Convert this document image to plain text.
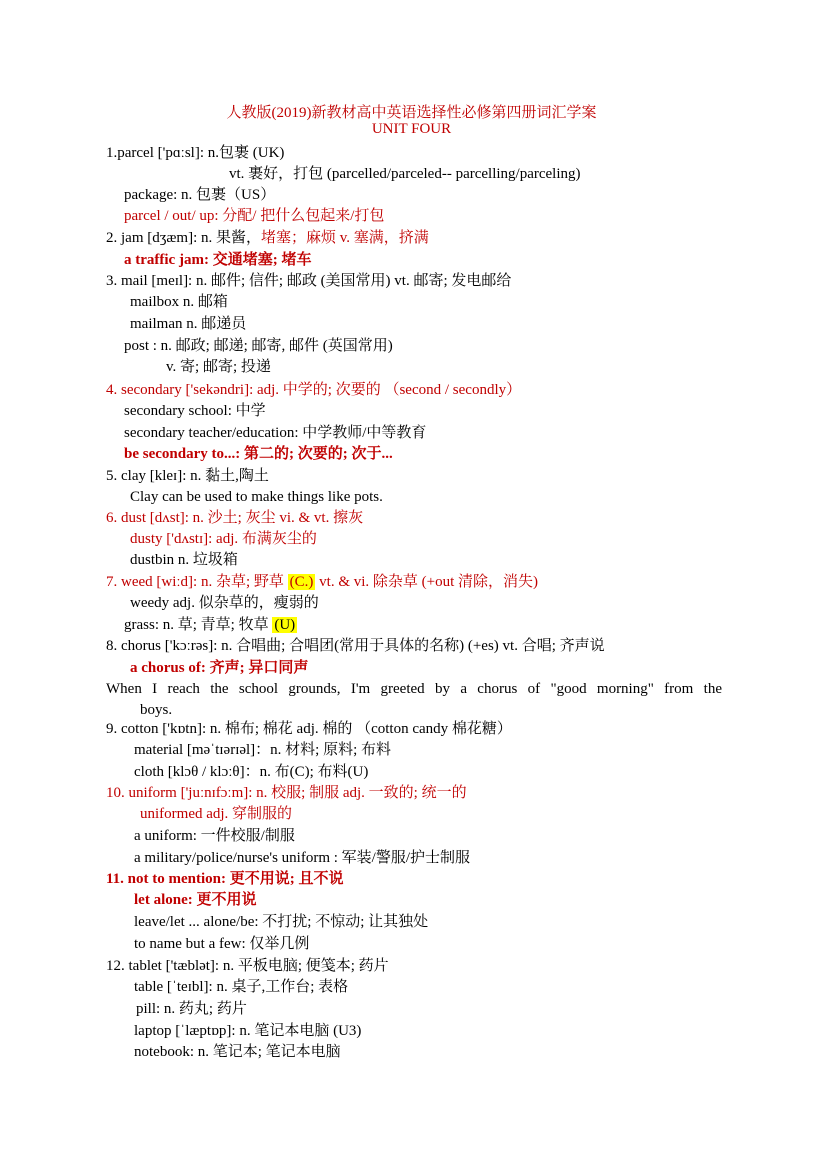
人教版(2019)新教材高中英语选择性必修第四册词汇学案
UNIT FOUR
1.parcel ['pɑːsl]: n.包裹 (UK)
vt. 裹好，打包 (parcelled/parceled-- parcelling/parceling)
package: n. 包裹（US）
parcel / out/ up: 分配/ 把什么包起来/打包
2. jam [dʒæm]: n. 果酱，堵塞；麻烦 v. 塞满，挤满
a traffic jam: 交通堵塞; 堵车
3. mail [meɪl]: n. 邮件; 信件; 邮政 (美国常用) vt. 邮寄; 发电邮给
mailbox n. 邮箱
mailman n. 邮递员
post : n. 邮政; 邮递; 邮寄, 邮件 (英国常用)
v. 寄; 邮寄; 投递
4. secondary ['sekəndri]: adj. 中学的; 次要的 （second / secondly）
secondary school: 中学
secondary teacher/education: 中学教师/中等教育
be secondary to...: 第二的; 次要的; 次于...
5. clay [kleɪ]: n. 黏土,陶土
Clay can be used to make things like pots.
6. dust [dʌst]: n. 沙土; 灰尘 vi. & vt. 擦灰
dusty ['dʌstɪ]: adj. 布满灰尘的
dustbin n. 垃圾箱
7. weed [wiːd]: n. 杂草; 野草 (C.) vt. & vi. 除杂草 (+out 清除，消失)
weedy adj. 似杂草的，瘦弱的
grass: n. 草; 青草; 牧草 (U)
8. chorus ['kɔːrəs]: n. 合唱曲; 合唱团(常用于具体的名称) (+es) vt. 合唱; 齐声说
a chorus of: 齐声; 异口同声
When I reach the school grounds, I'm greeted by a chorus of "good morning" from the
boys.
9. cotton ['kɒtn]: n. 棉布; 棉花 adj. 棉的 （cotton candy 棉花糖）
material [məˈtɪərɪəl]：n. 材料; 原料; 布料
cloth [klɔθ / klɔːθ]：n. 布(C); 布料(U)
10. uniform ['juːnɪfɔːm]: n. 校服; 制服 adj. 一致的; 统一的
uniformed adj. 穿制服的
a uniform: 一件校服/制服
a military/police/nurse's uniform : 军装/警服/护士制服
11. not to mention: 更不用说; 且不说
let alone: 更不用说
leave/let ... alone/be: 不打扰; 不惊动; 让其独处
to name but a few: 仅举几例
12. tablet ['tæblət]: n. 平板电脑; 便笺本; 药片
table [ˈteɪbl]: n. 桌子,工作台; 表格
pill: n. 药丸; 药片
laptop [ˈlæptɒp]: n. 笔记本电脑 (U3)
notebook: n. 笔记本; 笔记本电脑
